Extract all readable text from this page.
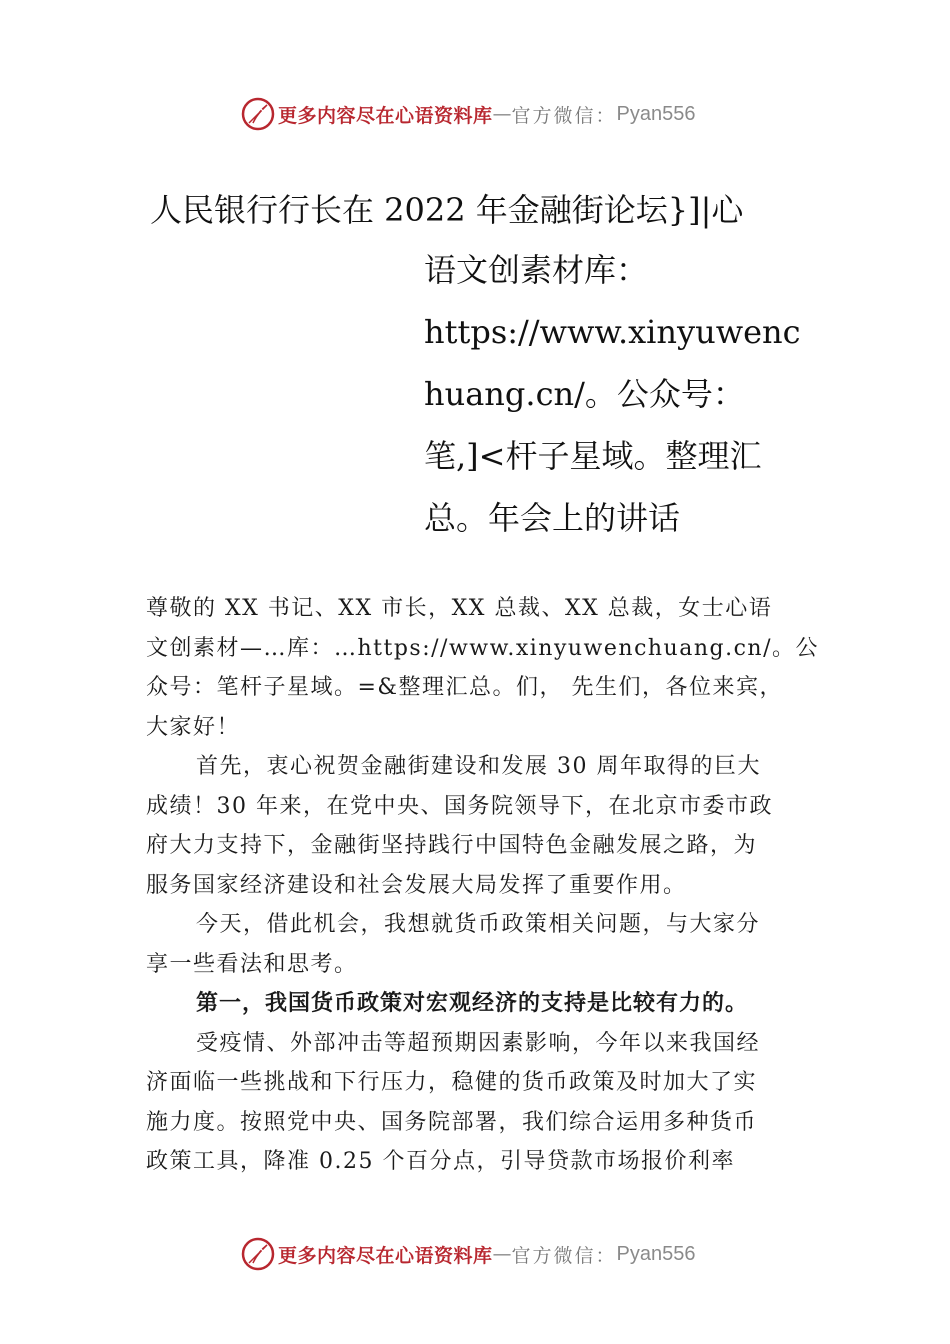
更多内容尽在心语资料库 — 官方微信： Pyan556
人民银行行长在 2022 年金融街论坛}]|心
语文创素材库：
https://www.xinyuwenc
huang.cn/。公众号：
笔,]<杆子星域。整理汇
总。年会上的讲话

尊敬的 XX 书记、XX 市长，XX 总裁、XX 总裁，女士心语
文创素材—…库：…https://www.xinyuwenchuang.cn/。公
众号：笔杆子星域。=&整理汇总。们， 先生们，各位来宾，
大家好！

首先，衷心祝贺金融街建设和发展 30 周年取得的巨大
成绩！30 年来，在党中央、国务院领导下，在北京市委市政
府大力支持下，金融街坚持践行中国特色金融发展之路，为
服务国家经济建设和社会发展大局发挥了重要作用。

今天，借此机会，我想就货币政策相关问题，与大家分
享一些看法和思考。

第一，我国货币政策对宏观经济的支持是比较有力的。

受疫情、外部冲击等超预期因素影响，今年以来我国经
济面临一些挑战和下行压力，稳健的货币政策及时加大了实
施力度。按照党中央、国务院部署，我们综合运用多种货币
政策工具，降准 0.25 个百分点，引导贷款市场报价利率

更多内容尽在心语资料库 — 官方微信： Pyan556
